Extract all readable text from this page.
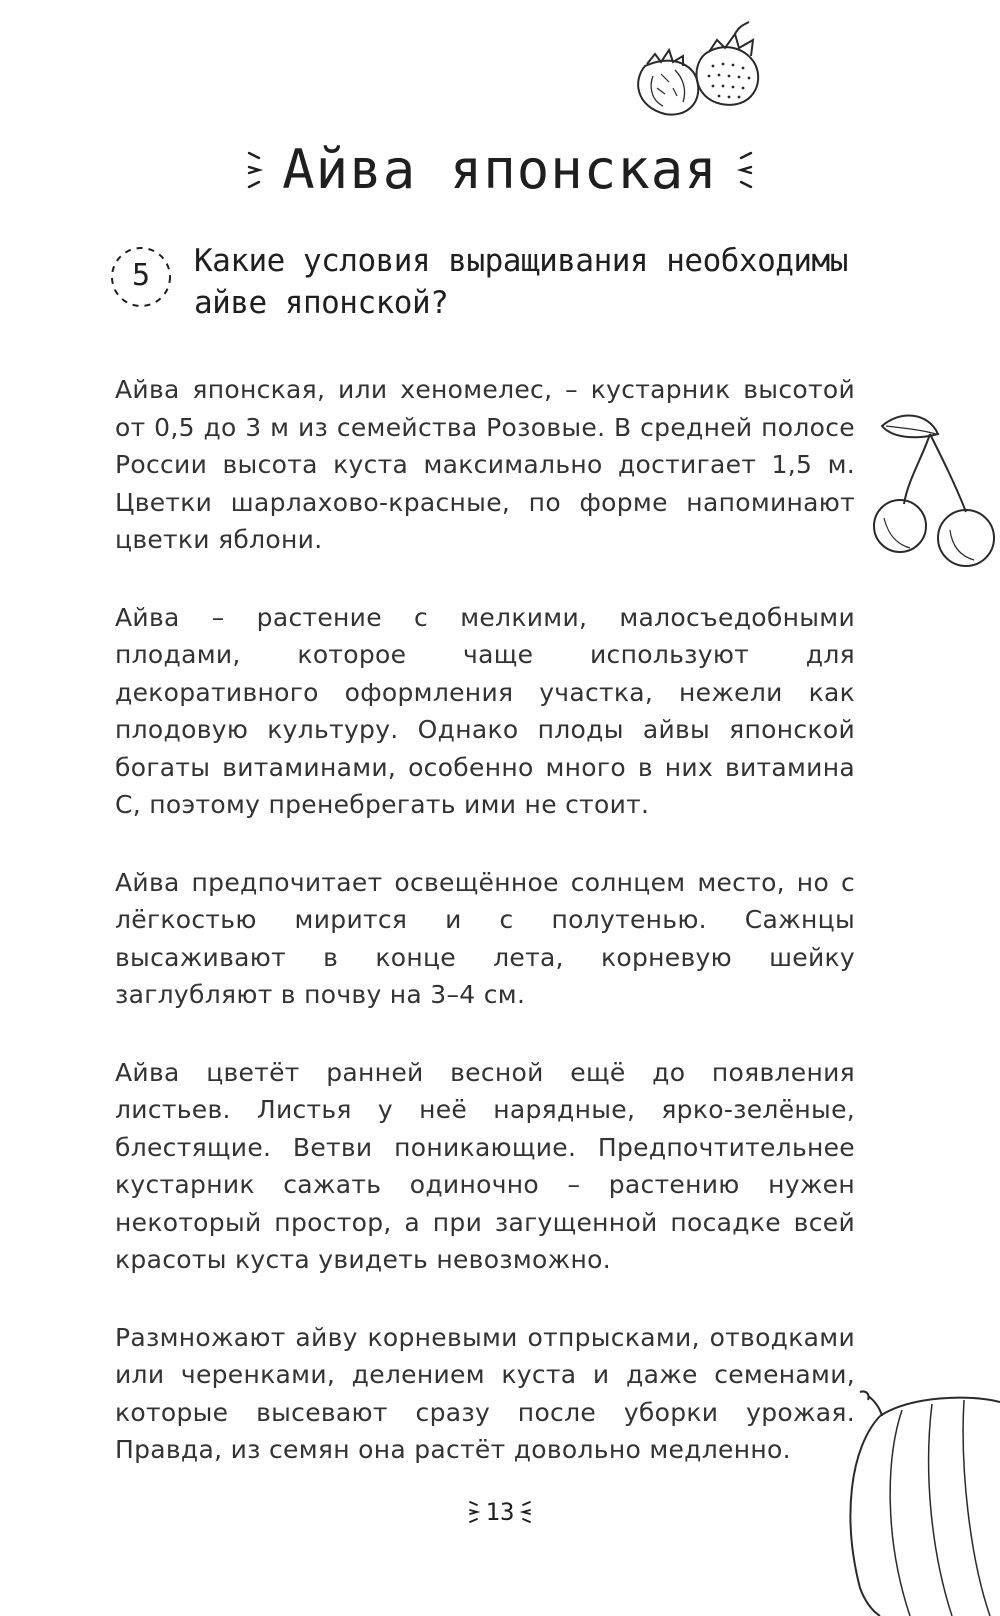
Айва японская
5	Какие условия выращивания необходимы айве японской?

Айва японская, или хеномелес, – кустарник высотой от 0,5 до 3 м из семейства Розовые. В средней полосе России высота куста максимально достигает 1,5 м. Цветки шарлахово-красные, по форме напоминают цветки яблони.

Айва – растение с мелкими, малосъедобными плодами, которое чаще используют для декоративного оформления участка, нежели как плодовую культуру. Однако плоды айвы японской богаты витаминами, особенно много в них витамина С, поэтому пренебрегать ими не стоит.

Айва предпочитает освещённое солнцем место, но с лёгкостью мирится и с полутенью. Сажнцы высаживают в конце лета, корневую шейку заглубляют в почву на 3–4 см.

Айва цветёт ранней весной ещё до появления листьев. Листья у неё нарядные, ярко-зелёные, блестящие. Ветви поникающие. Предпочтительнее кустарник сажать одиночно – растению нужен некоторый простор, а при загущенной посадке всей красоты куста увидеть невозможно.

Размножают айву корневыми отпрысками, отводками или черенками, делением куста и даже семенами, которые высевают сразу после уборки урожая. Правда, из семян она растёт довольно медленно.

13
